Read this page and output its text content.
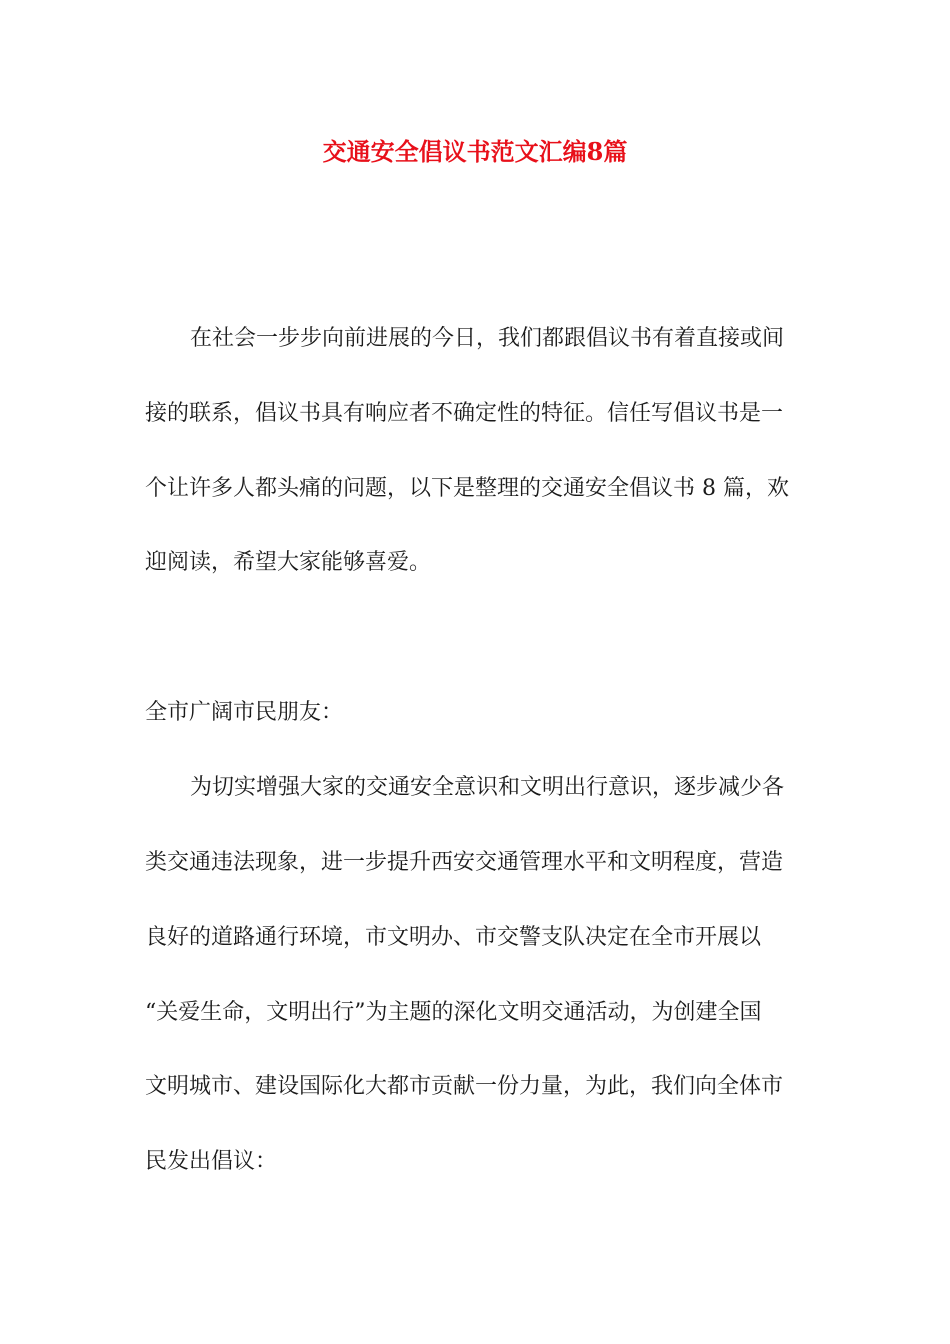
交通安全倡议书范文汇编8篇
在社会一步步向前进展的今日，我们都跟倡议书有着直接或间
接的联系，倡议书具有响应者不确定性的特征。信任写倡议书是一
个让许多人都头痛的问题，以下是整理的交通安全倡议书 8 篇，欢
迎阅读，希望大家能够喜爱。
全市广阔市民朋友：
为切实增强大家的交通安全意识和文明出行意识，逐步减少各
类交通违法现象，进一步提升西安交通管理水平和文明程度，营造
良好的道路通行环境，市文明办、市交警支队决定在全市开展以
“关爱生命，文明出行”为主题的深化文明交通活动，为创建全国
文明城市、建设国际化大都市贡献一份力量，为此，我们向全体市
民发出倡议：
